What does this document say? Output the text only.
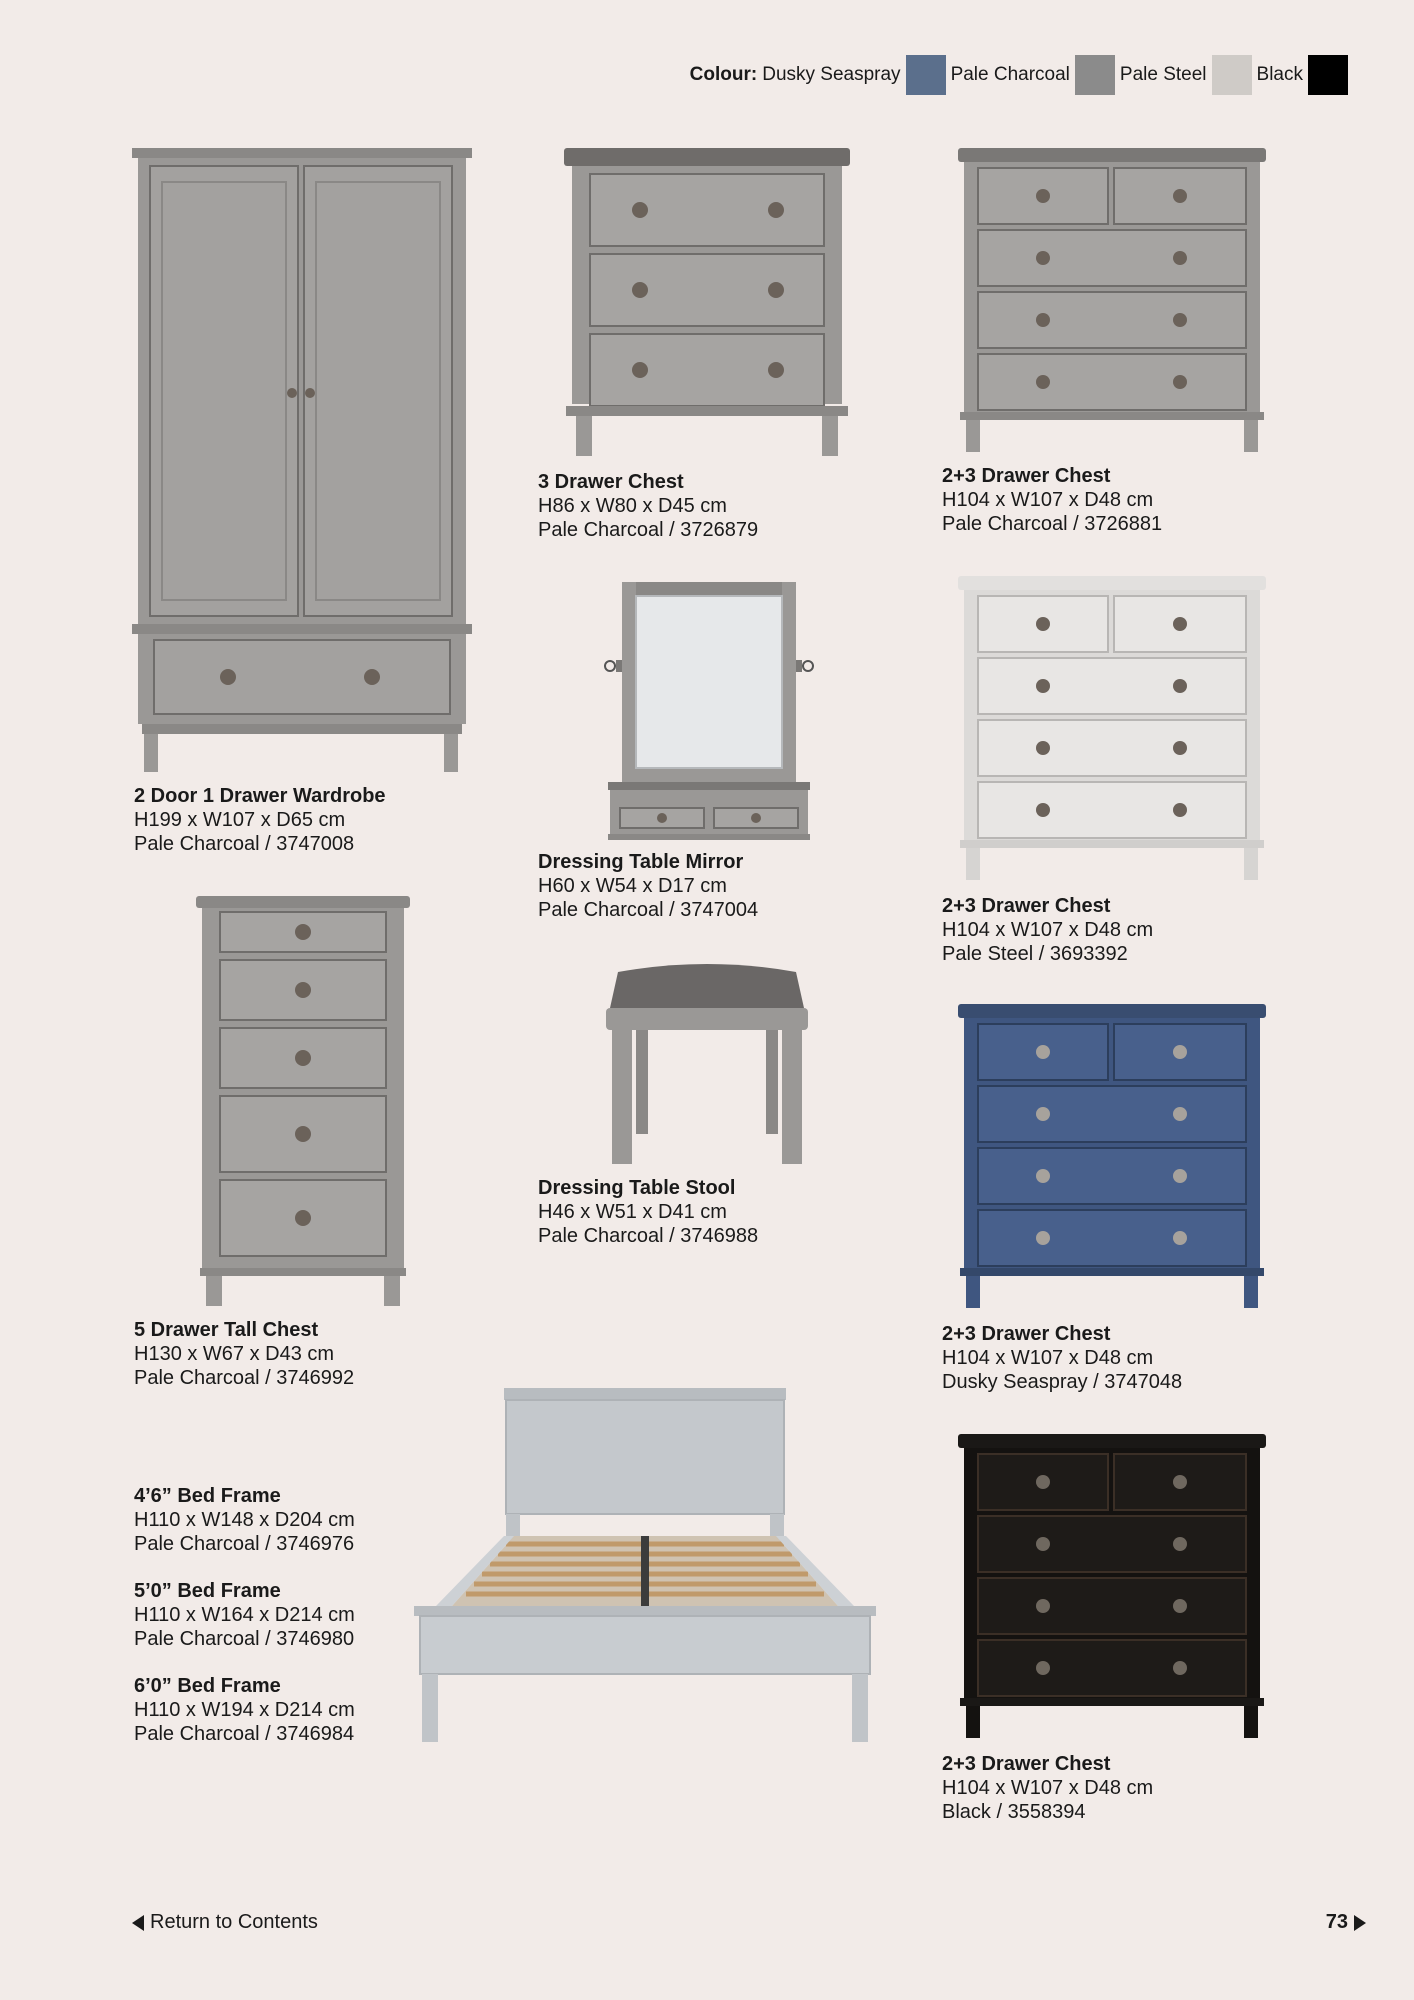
Colour: Dusky Seaspray	Pale Charcoal	Pale Steel	Black
2 Door 1 Drawer Wardrobe
H199 x W107 x D65 cm
Pale Charcoal / 3747008
3 Drawer Chest
H86 x W80 x D45 cm
Pale Charcoal / 3726879
2+3 Drawer Chest
H104 x W107 x D48 cm
Pale Charcoal / 3726881
Dressing Table Mirror
H60 x W54 x D17 cm
Pale Charcoal / 3747004	2+3 Drawer Chest
H104 x W107 x D48 cm
Pale Steel / 3693392
5 Drawer Tall Chest
H130 x W67 x D43 cm
Pale Charcoal / 3746992
Dressing Table Stool
H46 x W51 x D41 cm
Pale Charcoal / 3746988
2+3 Drawer Chest
H104 x W107 x D48 cm
Dusky Seaspray / 3747048
4’6” Bed Frame
H110 x W148 x D204 cm
Pale Charcoal / 3746976
5’0” Bed Frame
H110 x W164 x D214 cm
Pale Charcoal / 3746980
6’0” Bed Frame
H110 x W194 x D214 cm
Pale Charcoal / 3746984
2+3 Drawer Chest
H104 x W107 x D48 cm
Black / 3558394
Return to Contents	73
